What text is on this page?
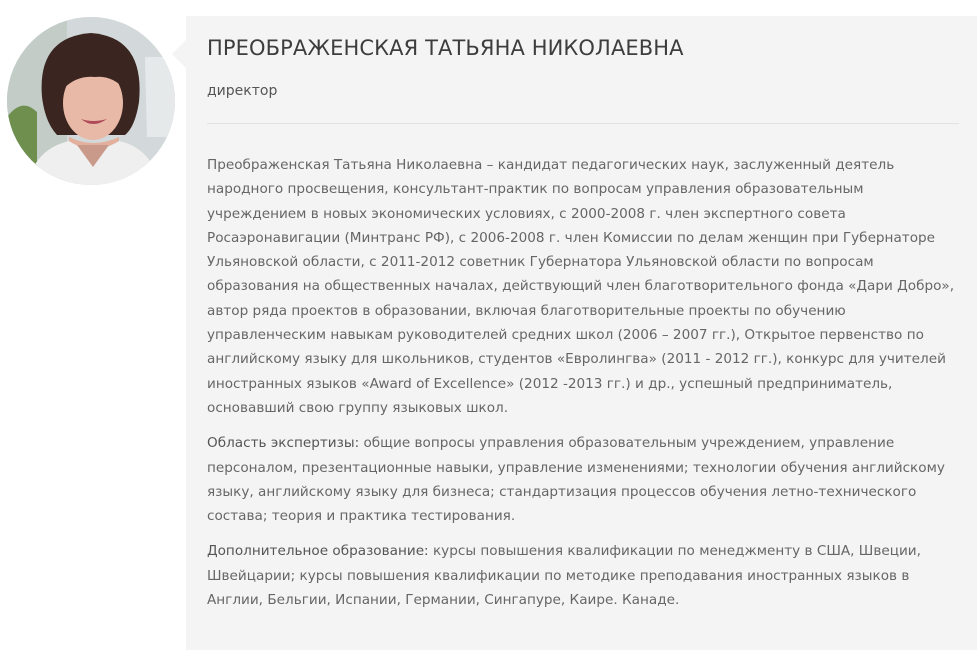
ПРЕОБРАЖЕНСКАЯ ТАТЬЯНА НИКОЛАЕВНА
директор

Преображенская Татьяна Николаевна – кандидат педагогических наук, заслуженный деятель народного просвещения, консультант-практик по вопросам управления образовательным учреждением в новых экономических условиях, с 2000-2008 г. член экспертного совета Росаэронавигации (Минтранс РФ), с 2006-2008 г. член Комиссии по делам женщин при Губернаторе Ульяновской области, с 2011-2012 советник Губернатора Ульяновской области по вопросам образования на общественных началах, действующий член благотворительного фонда «Дари Добро», автор ряда проектов в образовании, включая благотворительные проекты по обучению управленческим навыкам руководителей средних школ (2006 – 2007 гг.), Открытое первенство по английскому языку для школьников, студентов «Евролингва» (2011 - 2012 гг.), конкурс для учителей иностранных языков «Award of Excellence» (2012 -2013 гг.) и др., успешный предприниматель, основавший свою группу языковых школ.

Область экспертизы: общие вопросы управления образовательным учреждением, управление персоналом, презентационные навыки, управление изменениями; технологии обучения английскому языку, английскому языку для бизнеса; стандартизация процессов обучения летно-технического состава; теория и практика тестирования.

Дополнительное образование: курсы повышения квалификации по менеджменту в США, Швеции, Швейцарии; курсы повышения квалификации по методике преподавания иностранных языков в Англии, Бельгии, Испании, Германии, Сингапуре, Каире. Канаде.
